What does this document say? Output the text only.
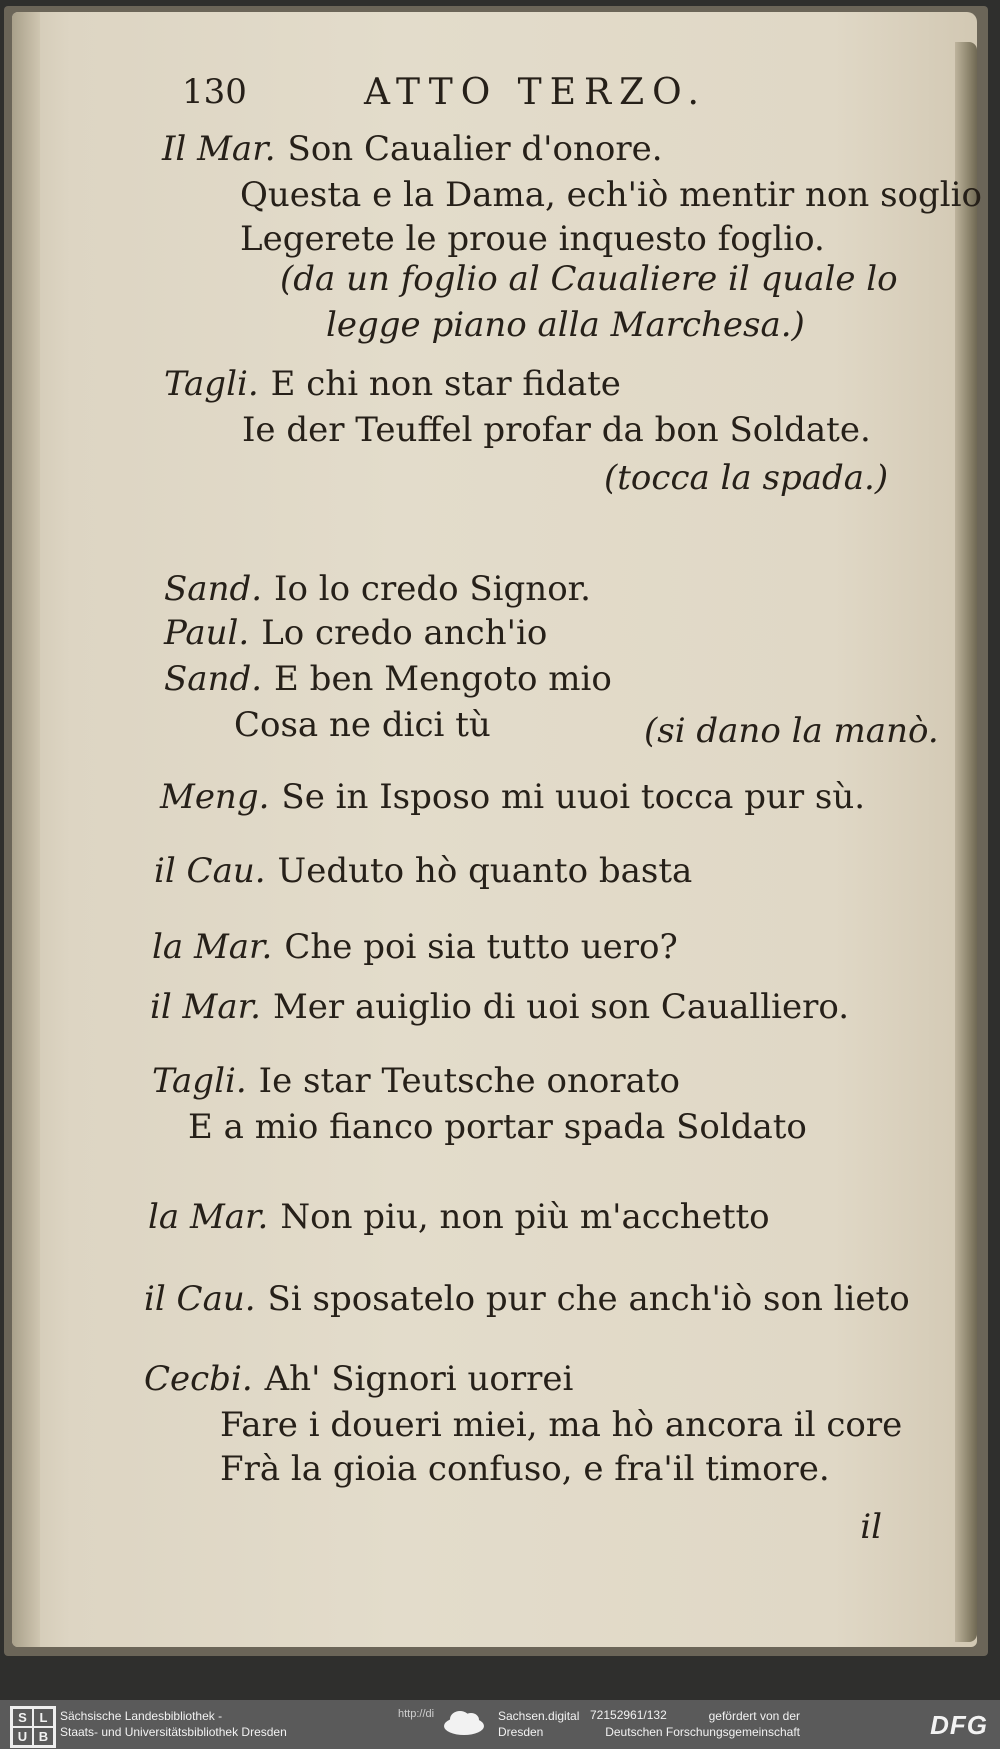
130	ATTO TERZO.
Il Mar. Son Caualier d'onore.
Questa e la Dama, ech'iò mentir non soglio
Legerete le proue inquesto foglio.
(da un foglio al Caualiere il quale lo
legge piano alla Marchesa.)
Tagli. E chi non star fidate
Ie der Teuffel profar da bon Soldate.
(tocca la spada.)
Sand. Io lo credo Signor.
Paul. Lo credo anch'io
Sand. E ben Mengoto mio
Cosa ne dici tù	(si dano la manò.
Meng. Se in Isposo mi uuoi tocca pur sù.
il Cau. Ueduto hò quanto basta
la Mar. Che poi sia tutto uero?
il Mar. Mer auiglio di uoi son Caualliero.
Tagli. Ie star Teutsche onorato
E a mio fianco portar spada Soldato
la Mar. Non piu, non più m'acchetto
il Cau. Si sposatelo pur che anch'iò son lieto
Cecbi. Ah' Signori uorrei
Fare i doueri miei, ma hò ancora il core
Frà la gioia confuso, e fra'il timore.
il
S L
U B
Sächsische Landesbibliothek -
Staats- und Universitätsbibliothek Dresden
http://di	Sachsen.digital
Dresden
72152961/132	gefördert von der
Deutschen Forschungsgemeinschaft	DFG
